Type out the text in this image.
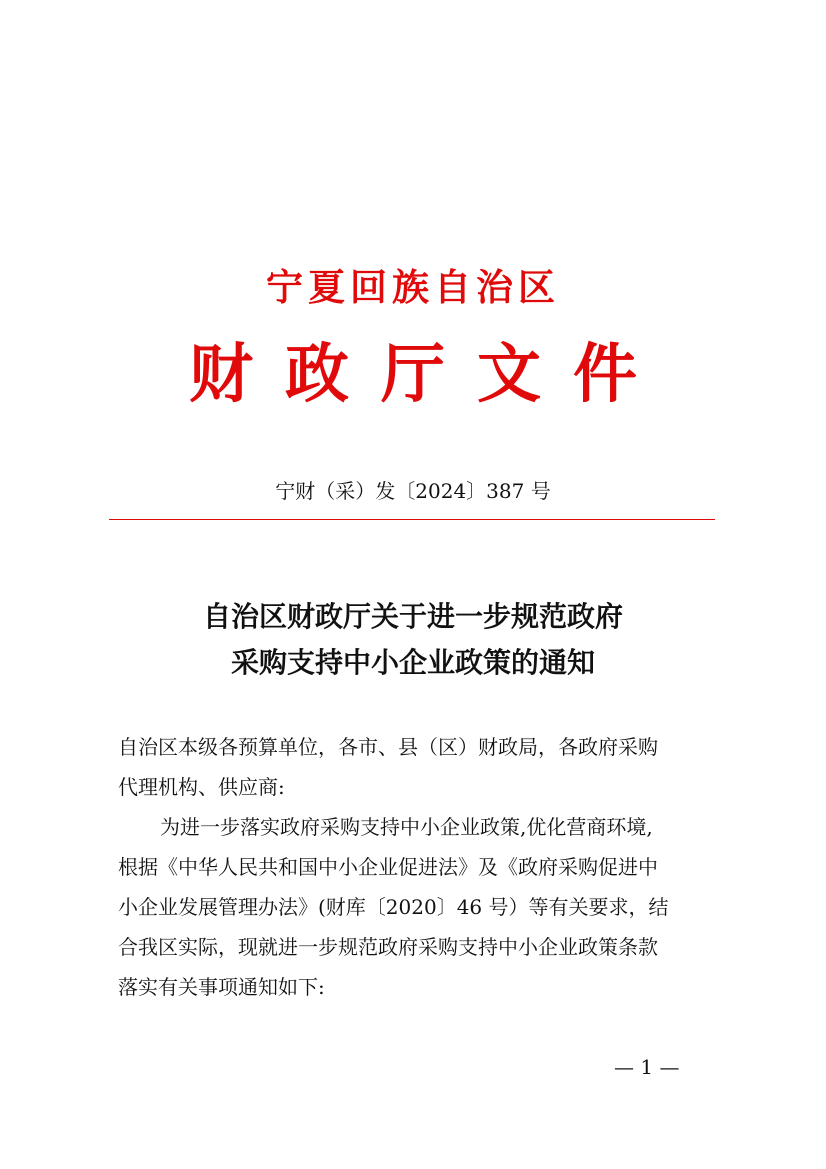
宁夏回族自治区
财政厅文件
宁财（采）发〔2024〕387 号
自治区财政厅关于进一步规范政府
采购支持中小企业政策的通知
自治区本级各预算单位，各市、县（区）财政局，各政府采购
代理机构、供应商:
为进一步落实政府采购支持中小企业政策,优化营商环境,
根据《中华人民共和国中小企业促进法》及《政府采购促进中
小企业发展管理办法》(财库〔2020〕46 号）等有关要求，结
合我区实际，现就进一步规范政府采购支持中小企业政策条款
落实有关事项通知如下:
— 1 —
